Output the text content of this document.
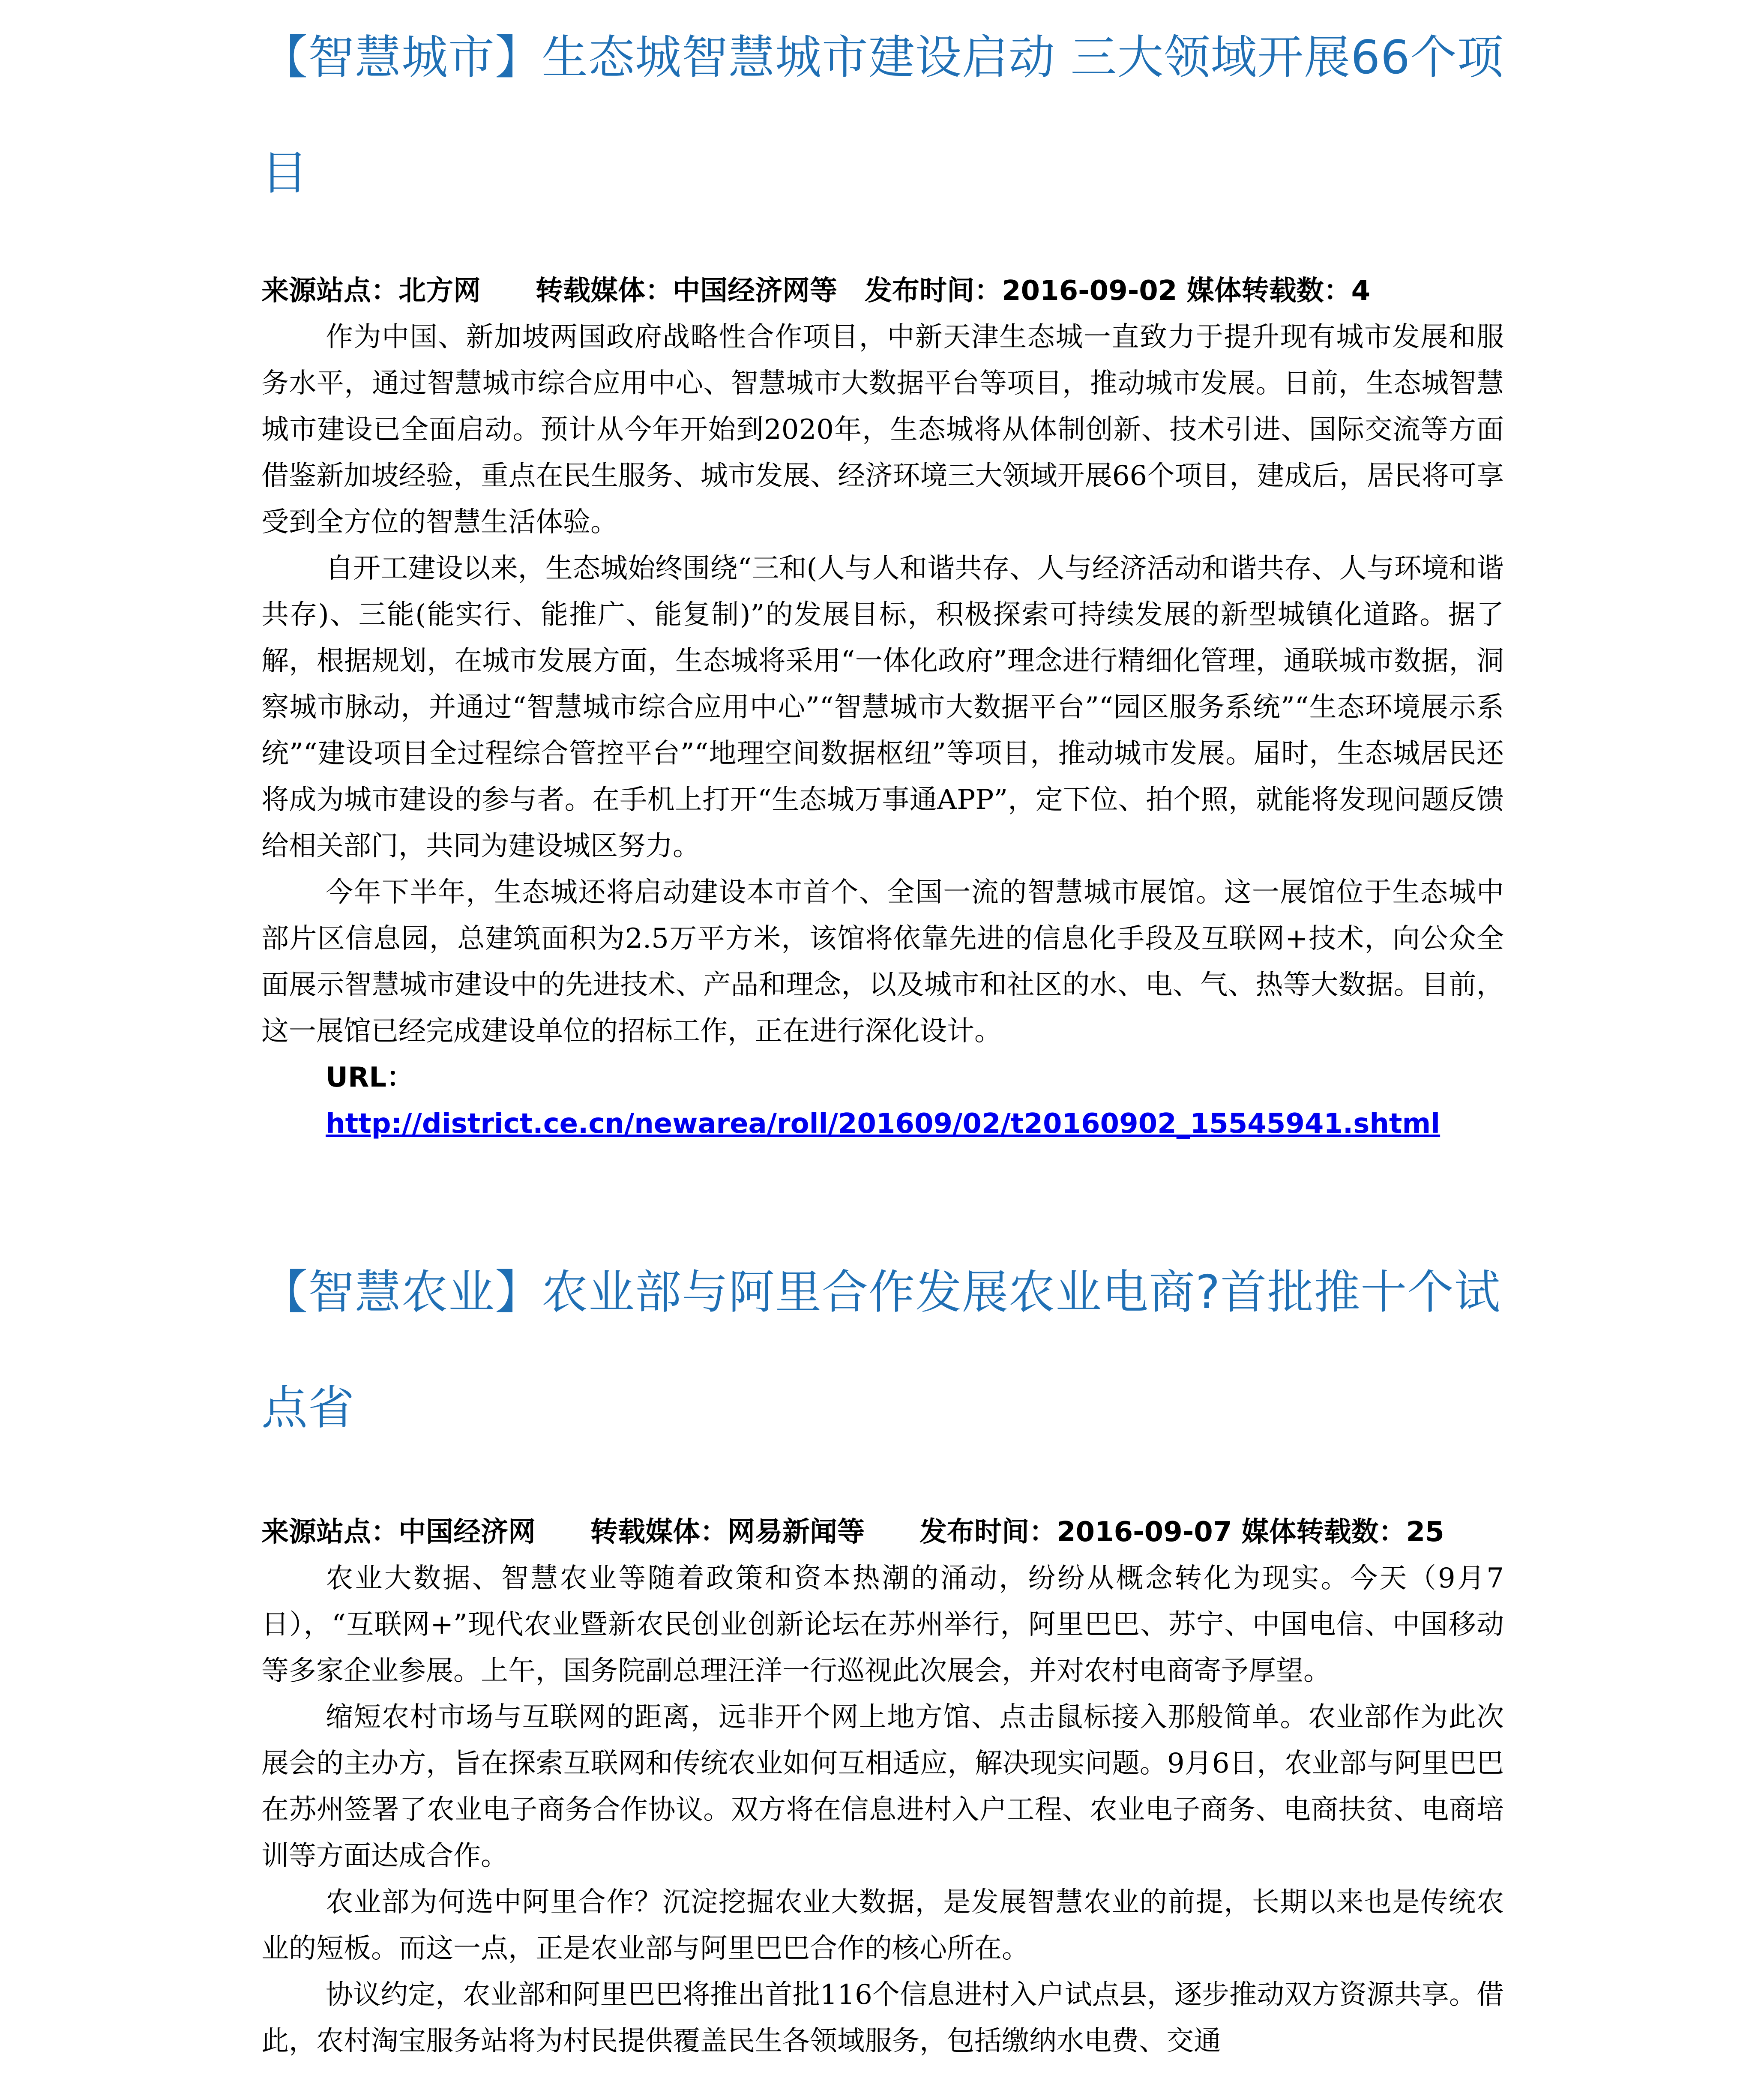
【智慧城市】生态城智慧城市建设启动 三大领域开展66个项目

来源站点：北方网　　转载媒体：中国经济网等　发布时间：2016-09-02 媒体转载数：4

作为中国、新加坡两国政府战略性合作项目，中新天津生态城一直致力于提升现有城市发展和服务水平，通过智慧城市综合应用中心、智慧城市大数据平台等项目，推动城市发展。日前，生态城智慧城市建设已全面启动。预计从今年开始到2020年，生态城将从体制创新、技术引进、国际交流等方面借鉴新加坡经验，重点在民生服务、城市发展、经济环境三大领域开展66个项目，建成后，居民将可享受到全方位的智慧生活体验。

自开工建设以来，生态城始终围绕“三和(人与人和谐共存、人与经济活动和谐共存、人与环境和谐共存)、三能(能实行、能推广、能复制)”的发展目标，积极探索可持续发展的新型城镇化道路。据了解，根据规划，在城市发展方面，生态城将采用“一体化政府”理念进行精细化管理，通联城市数据，洞察城市脉动，并通过“智慧城市综合应用中心”“智慧城市大数据平台”“园区服务系统”“生态环境展示系统”“建设项目全过程综合管控平台”“地理空间数据枢纽”等项目，推动城市发展。届时，生态城居民还将成为城市建设的参与者。在手机上打开“生态城万事通APP”，定下位、拍个照，就能将发现问题反馈给相关部门，共同为建设城区努力。

今年下半年，生态城还将启动建设本市首个、全国一流的智慧城市展馆。这一展馆位于生态城中部片区信息园，总建筑面积为2.5万平方米，该馆将依靠先进的信息化手段及互联网+技术，向公众全面展示智慧城市建设中的先进技术、产品和理念，以及城市和社区的水、电、气、热等大数据。目前，这一展馆已经完成建设单位的招标工作，正在进行深化设计。

URL：http://district.ce.cn/newarea/roll/201609/02/t20160902_15545941.shtml

【智慧农业】农业部与阿里合作发展农业电商?首批推十个试点省

来源站点：中国经济网　　转载媒体：网易新闻等　　发布时间：2016-09-07 媒体转载数：25

农业大数据、智慧农业等随着政策和资本热潮的涌动，纷纷从概念转化为现实。今天（9月7日），“互联网+”现代农业暨新农民创业创新论坛在苏州举行，阿里巴巴、苏宁、中国电信、中国移动等多家企业参展。上午，国务院副总理汪洋一行巡视此次展会，并对农村电商寄予厚望。

缩短农村市场与互联网的距离，远非开个网上地方馆、点击鼠标接入那般简单。农业部作为此次展会的主办方，旨在探索互联网和传统农业如何互相适应，解决现实问题。9月6日，农业部与阿里巴巴在苏州签署了农业电子商务合作协议。双方将在信息进村入户工程、农业电子商务、电商扶贫、电商培训等方面达成合作。

农业部为何选中阿里合作？沉淀挖掘农业大数据，是发展智慧农业的前提，长期以来也是传统农业的短板。而这一点，正是农业部与阿里巴巴合作的核心所在。

协议约定，农业部和阿里巴巴将推出首批116个信息进村入户试点县，逐步推动双方资源共享。借此，农村淘宝服务站将为村民提供覆盖民生各领域服务，包括缴纳水电费、交通
